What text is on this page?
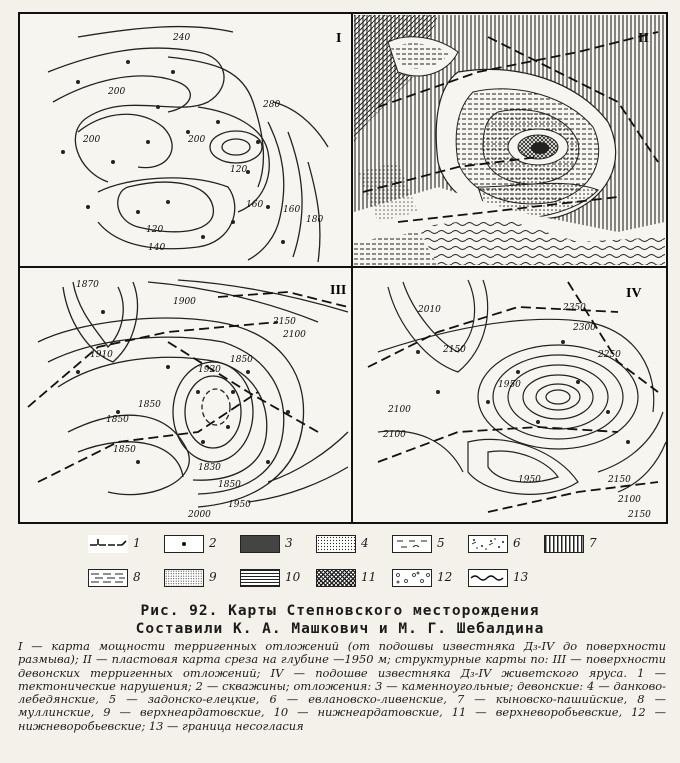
I
240
200
200
280
200
120
160
120
140
160
180
II
III
1870
1900
2150
2100
1910
1920
1850
1850
1850
1830
1850
1850
1950
2000
IV
2350
2300
2250
1950
2010
2150
2100
2100
1950
2100
2150
2150
1	2	3	4	5	6	7
8	9	10	11	12	13
Рис. 92. Карты Степновского месторождения
Составили К. А. Машкович и М. Г. Шебалдина
I — карта мощности терригенных отложений (от подошвы известняка Д₃-IV до поверхности размыва); II — пластовая карта среза на глубине —1950 м; структурные карты по: III — поверхности девонских терригенных отложений; IV — подошве известняка Д₃-IV живетского яруса. 1 — тектонические нарушения; 2 — скважины; отложения: 3 — каменноугольные; девонские: 4 — данково-лебедянские, 5 — задонско-елецкие, 6 — евлановско-ливенские, 7 — кыновско-пашийские, 8 — муллинские, 9 — верхнеардатовские, 10 — нижнеардатовские, 11 — верхневоробьевские, 12 — нижневоробьевские; 13 — граница несогласия
